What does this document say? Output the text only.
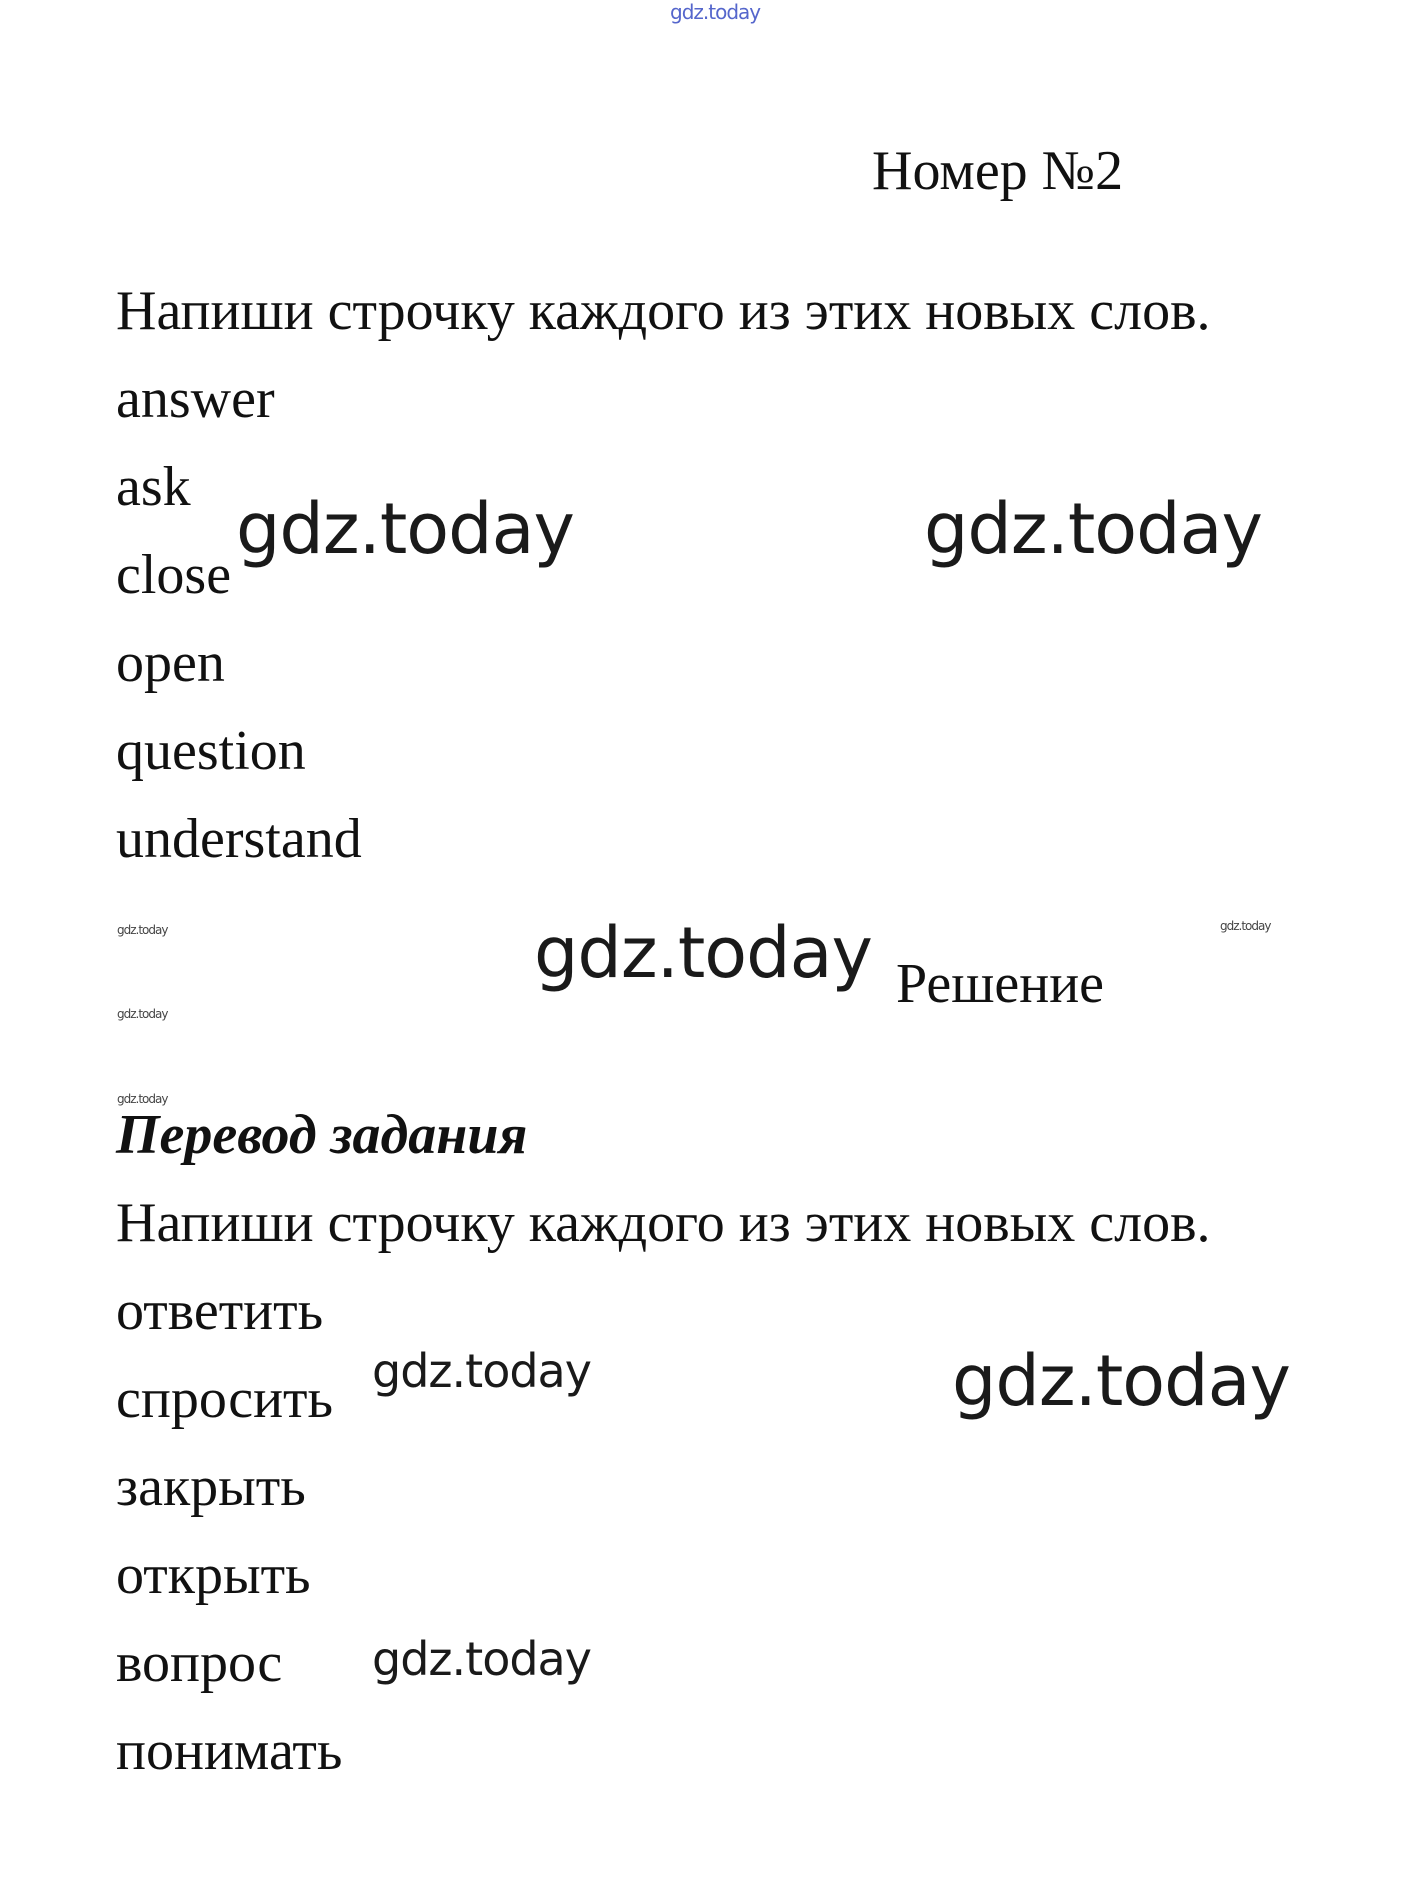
gdz.today
Номер №2
Напиши строчку каждого из этих новых слов.
answer
ask
close
open
question
understand
gdz.today	gdz.today
gdz.today	gdz.today
gdz.today
gdz.today
gdz.today Решение
Перевод задания
Напиши строчку каждого из этих новых слов.
ответить
спросить
закрыть
открыть
вопрос
понимать
gdz.today	gdz.today
gdz.today
